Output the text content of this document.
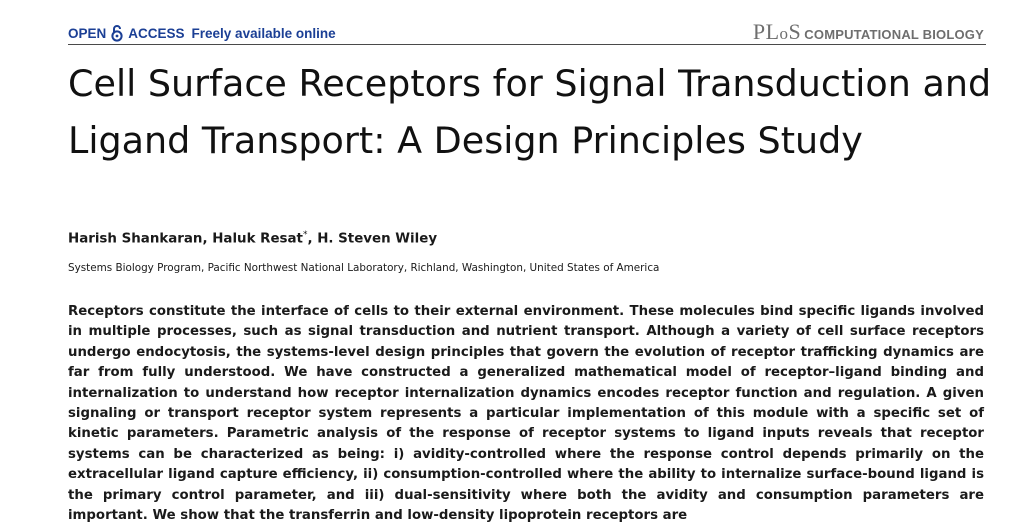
OPEN ACCESS Freely available online	PLoS COMPUTATIONAL BIOLOGY
Cell Surface Receptors for Signal Transduction and Ligand Transport: A Design Principles Study
Harish Shankaran, Haluk Resat*, H. Steven Wiley
Systems Biology Program, Pacific Northwest National Laboratory, Richland, Washington, United States of America

Receptors constitute the interface of cells to their external environment. These molecules bind specific ligands involved in multiple processes, such as signal transduction and nutrient transport. Although a variety of cell surface receptors undergo endocytosis, the systems-level design principles that govern the evolution of receptor trafficking dynamics are far from fully understood. We have constructed a generalized mathematical model of receptor–ligand binding and internalization to understand how receptor internalization dynamics encodes receptor function and regulation. A given signaling or transport receptor system represents a particular implementation of this module with a specific set of kinetic parameters. Parametric analysis of the response of receptor systems to ligand inputs reveals that receptor systems can be characterized as being: i) avidity-controlled where the response control depends primarily on the extracellular ligand capture efficiency, ii) consumption-controlled where the ability to internalize surface-bound ligand is the primary control parameter, and iii) dual-sensitivity where both the avidity and consumption parameters are important. We show that the transferrin and low-density lipoprotein receptors are
